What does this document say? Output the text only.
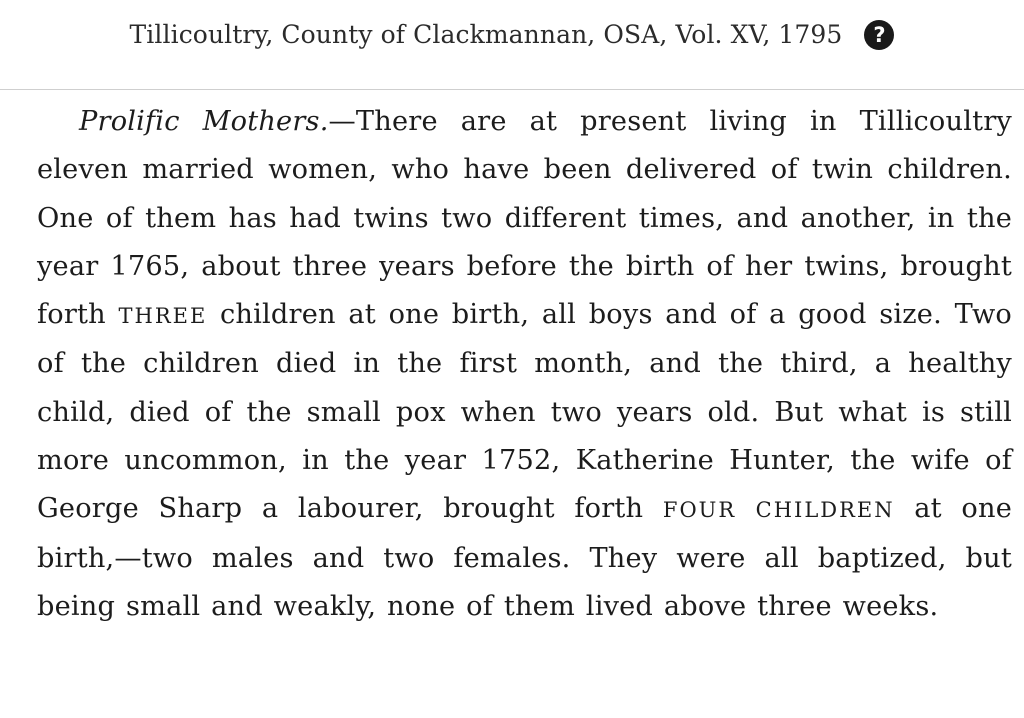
Tillicoultry, County of Clackmannan, OSA, Vol. XV, 1795	?

Prolific Mothers.—There are at present living in Tillicoultry eleven married women, who have been delivered of twin children. One of them has had twins two different times, and another, in the year 1765, about three years before the birth of her twins, brought forth THREE children at one birth, all boys and of a good size. Two of the children died in the first month, and the third, a healthy child, died of the small pox when two years old. But what is still more uncommon, in the year 1752, Katherine Hunter, the wife of George Sharp a labourer, brought forth FOUR CHILDREN at one birth,—two males and two females. They were all baptized, but being small and weakly, none of them lived above three weeks.
